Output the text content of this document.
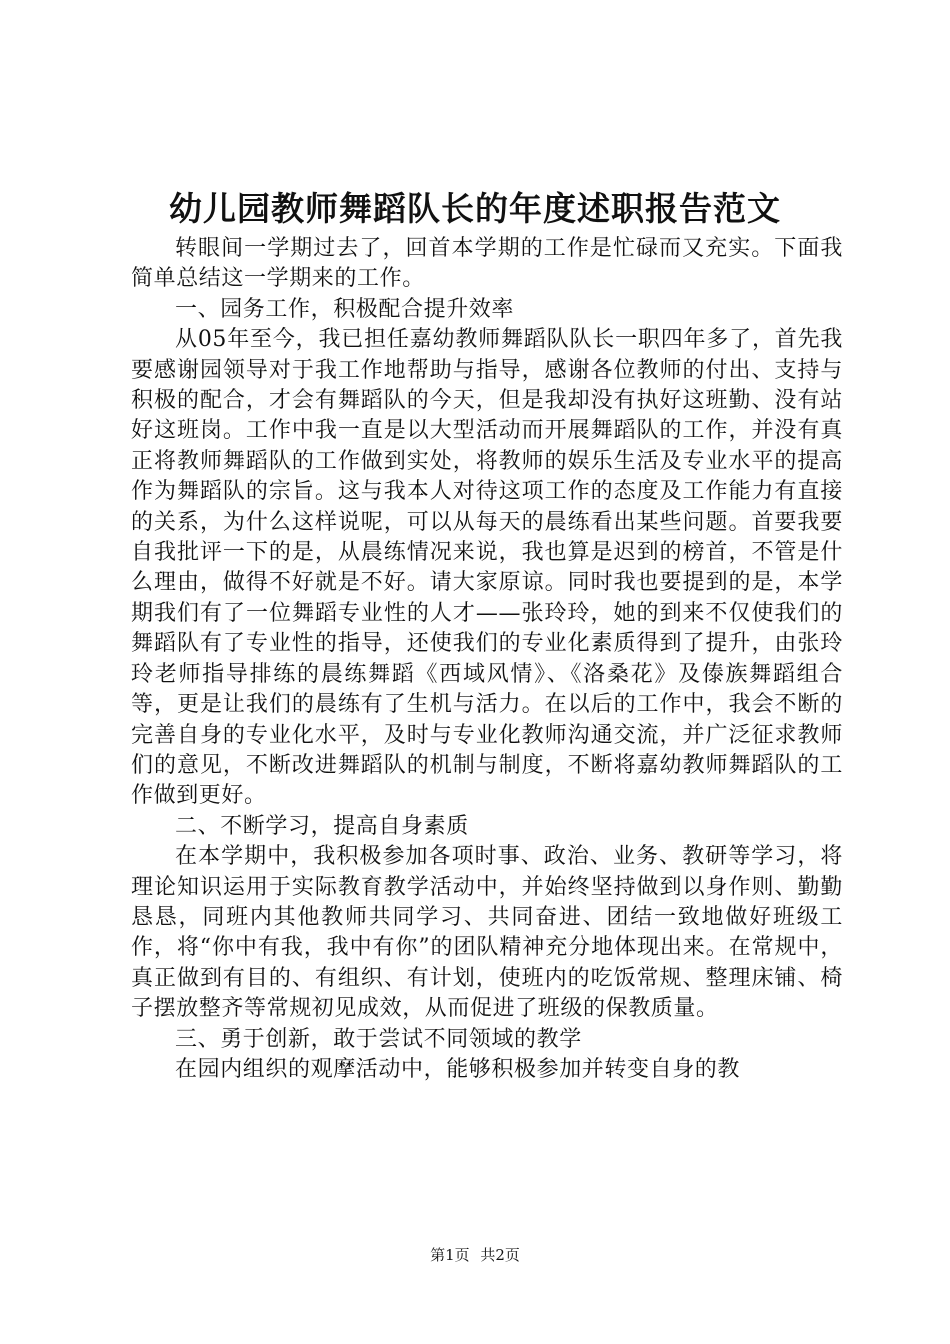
幼儿园教师舞蹈队长的年度述职报告范文

转眼间一学期过去了，回首本学期的工作是忙碌而又充实。下面我简单总结这一学期来的工作。

一、园务工作，积极配合提升效率

从05年至今，我已担任嘉幼教师舞蹈队队长一职四年多了，首先我要感谢园领导对于我工作地帮助与指导，感谢各位教师的付出、支持与积极的配合，才会有舞蹈队的今天，但是我却没有执好这班勤、没有站好这班岗。工作中我一直是以大型活动而开展舞蹈队的工作，并没有真正将教师舞蹈队的工作做到实处，将教师的娱乐生活及专业水平的提高作为舞蹈队的宗旨。这与我本人对待这项工作的态度及工作能力有直接的关系，为什么这样说呢，可以从每天的晨练看出某些问题。首要我要自我批评一下的是，从晨练情况来说，我也算是迟到的榜首，不管是什么理由，做得不好就是不好。请大家原谅。同时我也要提到的是，本学期我们有了一位舞蹈专业性的人才——张玲玲，她的到来不仅使我们的舞蹈队有了专业性的指导，还使我们的专业化素质得到了提升，由张玲玲老师指导排练的晨练舞蹈《西域风情》、《洛桑花》及傣族舞蹈组合等，更是让我们的晨练有了生机与活力。在以后的工作中，我会不断的完善自身的专业化水平，及时与专业化教师沟通交流，并广泛征求教师们的意见，不断改进舞蹈队的机制与制度，不断将嘉幼教师舞蹈队的工作做到更好。

二、不断学习，提高自身素质

在本学期中，我积极参加各项时事、政治、业务、教研等学习，将理论知识运用于实际教育教学活动中，并始终坚持做到以身作则、勤勤恳恳，同班内其他教师共同学习、共同奋进、团结一致地做好班级工作，将“你中有我，我中有你”的团队精神充分地体现出来。在常规中，真正做到有目的、有组织、有计划，使班内的吃饭常规、整理床铺、椅子摆放整齐等常规初见成效，从而促进了班级的保教质量。

三、勇于创新，敢于尝试不同领域的教学

在园内组织的观摩活动中，能够积极参加并转变自身的教

第1页 共2页
